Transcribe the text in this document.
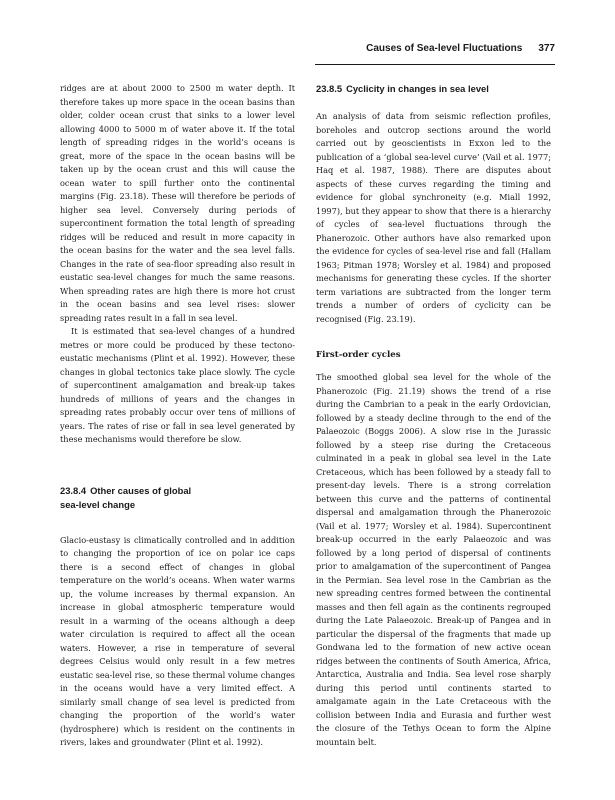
Causes of Sea-level Fluctuations 377

ridges are at about 2000 to 2500 m water depth. It therefore takes up more space in the ocean basins than older, colder ocean crust that sinks to a lower level allowing 4000 to 5000 m of water above it. If the total length of spreading ridges in the world’s oceans is great, more of the space in the ocean basins will be taken up by the ocean crust and this will cause the ocean water to spill further onto the continental margins (Fig. 23.18). These will therefore be periods of higher sea level. Conversely during periods of supercontinent formation the total length of spreading ridges will be reduced and result in more capacity in the ocean basins for the water and the sea level falls. Changes in the rate of sea-floor spreading also result in eustatic sea-level changes for much the same reasons. When spreading rates are high there is more hot crust in the ocean basins and sea level rises: slower spreading rates result in a fall in sea level.

It is estimated that sea-level changes of a hundred metres or more could be produced by these tectono-eustatic mechanisms (Plint et al. 1992). However, these changes in global tectonics take place slowly. The cycle of supercontinent amalgamation and break-up takes hundreds of millions of years and the changes in spreading rates probably occur over tens of millions of years. The rates of rise or fall in sea level generated by these mechanisms would therefore be slow.

23.8.4 Other causes of global
sea-level change

Glacio-eustasy is climatically controlled and in addition to changing the proportion of ice on polar ice caps there is a second effect of changes in global temperature on the world’s oceans. When water warms up, the volume increases by thermal expansion. An increase in global atmospheric temperature would result in a warming of the oceans although a deep water circulation is required to affect all the ocean waters. However, a rise in temperature of several degrees Celsius would only result in a few metres eustatic sea-level rise, so these thermal volume changes in the oceans would have a very limited effect. A similarly small change of sea level is predicted from changing the proportion of the world’s water (hydrosphere) which is resident on the continents in rivers, lakes and groundwater (Plint et al. 1992).

23.8.5 Cyclicity in changes in sea level

An analysis of data from seismic reflection profiles, boreholes and outcrop sections around the world carried out by geoscientists in Exxon led to the publication of a ‘global sea-level curve’ (Vail et al. 1977; Haq et al. 1987, 1988). There are disputes about aspects of these curves regarding the timing and evidence for global synchroneity (e.g. Miall 1992, 1997), but they appear to show that there is a hierarchy of cycles of sea-level fluctuations through the Phanerozoic. Other authors have also remarked upon the evidence for cycles of sea-level rise and fall (Hallam 1963; Pitman 1978; Worsley et al. 1984) and proposed mechanisms for generating these cycles. If the shorter term variations are subtracted from the longer term trends a number of orders of cyclicity can be recognised (Fig. 23.19).

First-order cycles

The smoothed global sea level for the whole of the Phanerozoic (Fig. 21.19) shows the trend of a rise during the Cambrian to a peak in the early Ordovician, followed by a steady decline through to the end of the Palaeozoic (Boggs 2006). A slow rise in the Jurassic followed by a steep rise during the Cretaceous culminated in a peak in global sea level in the Late Cretaceous, which has been followed by a steady fall to present-day levels. There is a strong correlation between this curve and the patterns of continental dispersal and amalgamation through the Phanerozoic (Vail et al. 1977; Worsley et al. 1984). Supercontinent break-up occurred in the early Palaeozoic and was followed by a long period of dispersal of continents prior to amalgamation of the supercontinent of Pangea in the Permian. Sea level rose in the Cambrian as the new spreading centres formed between the continental masses and then fell again as the continents regrouped during the Late Palaeozoic. Break-up of Pangea and in particular the dispersal of the fragments that made up Gondwana led to the formation of new active ocean ridges between the continents of South America, Africa, Antarctica, Australia and India. Sea level rose sharply during this period until continents started to amalgamate again in the Late Cretaceous with the collision between India and Eurasia and further west the closure of the Tethys Ocean to form the Alpine mountain belt.
